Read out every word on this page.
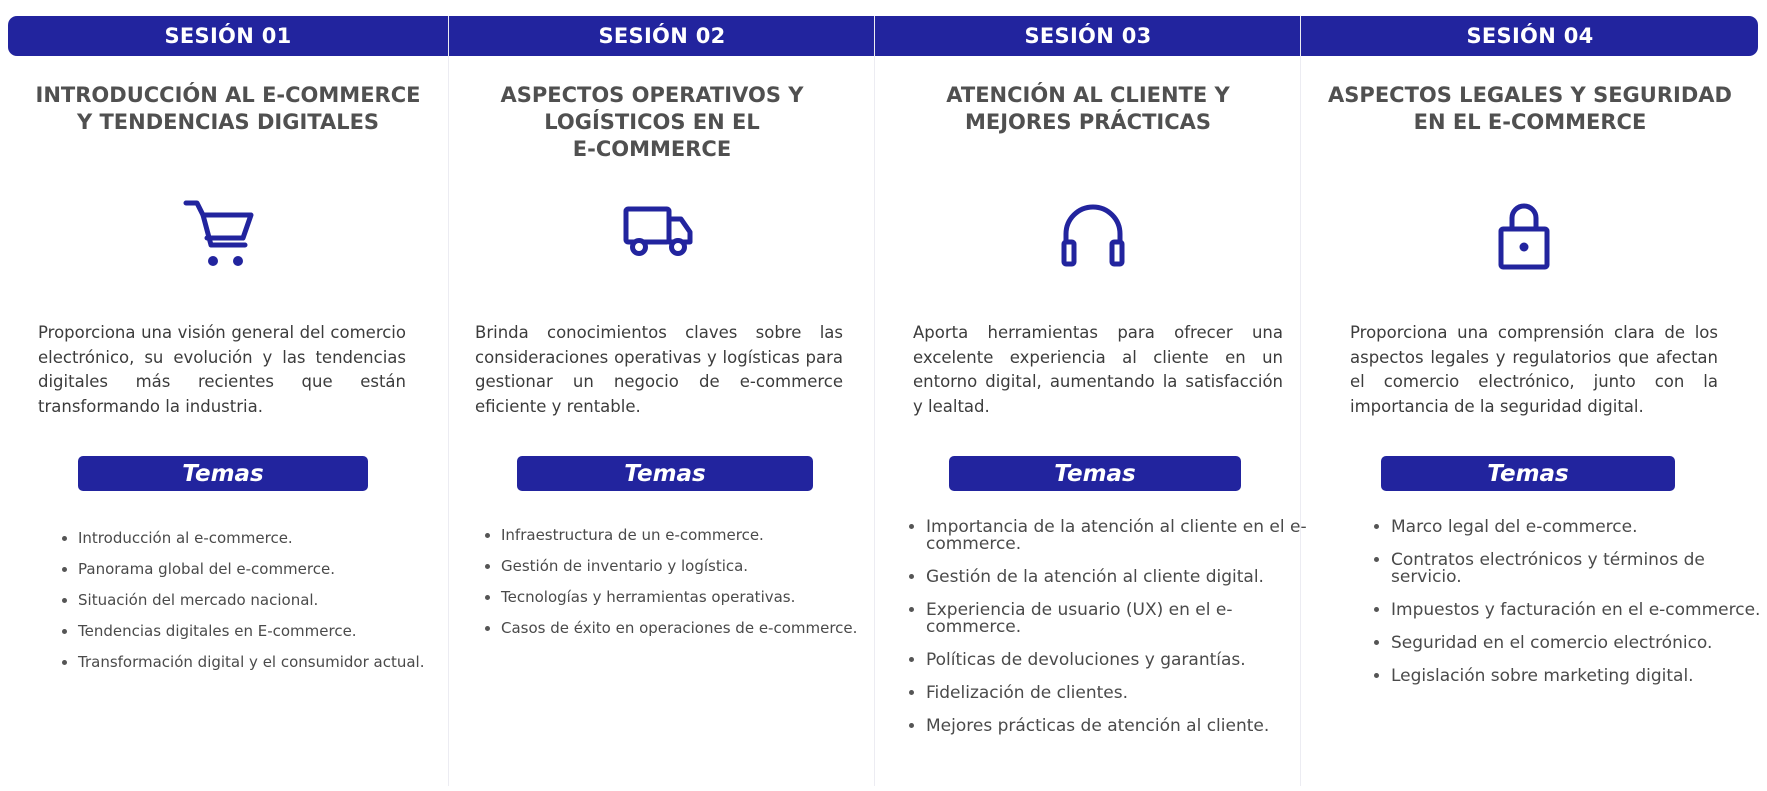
SESIÓN 01
INTRODUCCIÓN AL E-COMMERCE
Y TENDENCIAS DIGITALES

Proporciona una visión general del comercio electrónico, su evolución y las tendencias digitales más recientes que están transformando la industria.

Temas
• Introducción al e-commerce.
• Panorama global del e-commerce.
• Situación del mercado nacional.
• Tendencias digitales en E-commerce.
• Transformación digital y el consumidor actual.
SESIÓN 02
ASPECTOS OPERATIVOS Y
LOGÍSTICOS EN EL
E-COMMERCE

Brinda conocimientos claves sobre las consideraciones operativas y logísticas para gestionar un negocio de e-commerce eficiente y rentable.

Temas
• Infraestructura de un e-commerce.
• Gestión de inventario y logística.
• Tecnologías y herramientas operativas.
• Casos de éxito en operaciones de e-commerce.
SESIÓN 03
ATENCIÓN AL CLIENTE Y
MEJORES PRÁCTICAS

Aporta herramientas para ofrecer una excelente experiencia al cliente en un entorno digital, aumentando la satisfacción y lealtad.

Temas
• Importancia de la atención al cliente en el e-commerce.
• Gestión de la atención al cliente digital.
• Experiencia de usuario (UX) en el e-commerce.
• Políticas de devoluciones y garantías.
• Fidelización de clientes.
• Mejores prácticas de atención al cliente.
SESIÓN 04
ASPECTOS LEGALES Y SEGURIDAD
EN EL E-COMMERCE

Proporciona una comprensión clara de los aspectos legales y regulatorios que afectan el comercio electrónico, junto con la importancia de la seguridad digital.

Temas
• Marco legal del e-commerce.
• Contratos electrónicos y términos de servicio.
• Impuestos y facturación en el e-commerce.
• Seguridad en el comercio electrónico.
• Legislación sobre marketing digital.
